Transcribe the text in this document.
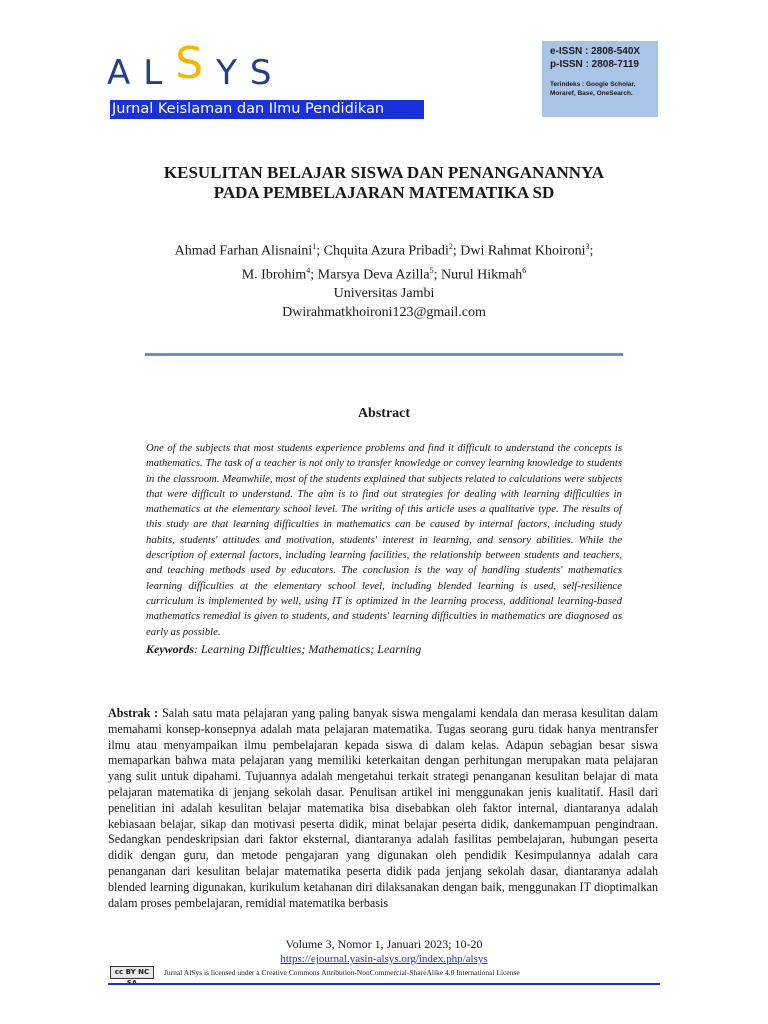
ALSYS
Jurnal Keislaman dan Ilmu Pendidikan
e-ISSN : 2808-540X
p-ISSN : 2808-7119
Terindeks : Google Scholar, Moraref, Base, OneSearch.
KESULITAN BELAJAR SISWA DAN PENANGANANNYA
PADA PEMBELAJARAN MATEMATIKA SD
Ahmad Farhan Alisnaini$^1$; Chquita Azura Pribadi$^2$; Dwi Rahmat Khoironi$^3$;
M. Ibrohim$^4$; Marsya Deva Azilla$^5$; Nurul Hikmah$^6$
Universitas Jambi
Dwirahmatkhoironi123@gmail.com
Abstract
One of the subjects that most students experience problems and find it difficult to understand the concepts is mathematics. The task of a teacher is not only to transfer knowledge or convey learning knowledge to students in the classroom. Meanwhile, most of the students explained that subjects related to calculations were subjects that were difficult to understand. The aim is to find out strategies for dealing with learning difficulties in mathematics at the elementary school level. The writing of this article uses a qualitative type. The results of this study are that learning difficulties in mathematics can be caused by internal factors, including study habits, students' attitudes and motivation, students' interest in learning, and sensory abilities. While the description of external factors, including learning facilities, the relationship between students and teachers, and teaching methods used by educators. The conclusion is the way of handling students' mathematics learning difficulties at the elementary school level, including blended learning is used, self-resilience curriculum is implemented by well, using IT is optimized in the learning process, additional learning-based mathematics remedial is given to students, and students' learning difficulties in mathematics are diagnosed as early as possible.
Keywords: Learning Difficulties; Mathematics; Learning
Abstrak : Salah satu mata pelajaran yang paling banyak siswa mengalami kendala dan merasa kesulitan dalam memahami konsep-konsepnya adalah mata pelajaran matematika. Tugas seorang guru tidak hanya mentransfer ilmu atau menyampaikan ilmu pembelajaran kepada siswa di dalam kelas. Adapun sebagian besar siswa memaparkan bahwa mata pelajaran yang memiliki keterkaitan dengan perhitungan merupakan mata pelajaran yang sulit untuk dipahami. Tujuannya adalah mengetahui terkait strategi penanganan kesulitan belajar di mata pelajaran matematika di jenjang sekolah dasar. Penulisan artikel ini menggunakan jenis kualitatif. Hasil dari penelitian ini adalah kesulitan belajar matematika bisa disebabkan oleh faktor internal, diantaranya adalah kebiasaan belajar, sikap dan motivasi peserta didik, minat belajar peserta didik, dankemampuan pengindraan. Sedangkan pendeskripsian dari faktor eksternal, diantaranya adalah fasilitas pembelajaran, hubungan peserta didik dengan guru, dan metode pengajaran yang digunakan oleh pendidik Kesimpulannya adalah cara penanganan dari kesulitan belajar matematika peserta didik pada jenjang sekolah dasar, diantaranya adalah blended learning digunakan, kurikulum ketahanan diri dilaksanakan dengan baik, menggunakan IT dioptimalkan dalam proses pembelajaran, remidial matematika berbasis
Volume 3, Nomor 1, Januari 2023; 10-20
https://ejournal.yasin-alsys.org/index.php/alsys
cc BY NC	Jurnal AlSys is licensed under a Creative Commons Attribution-NonCommercial-ShareAlike 4.0 International License
